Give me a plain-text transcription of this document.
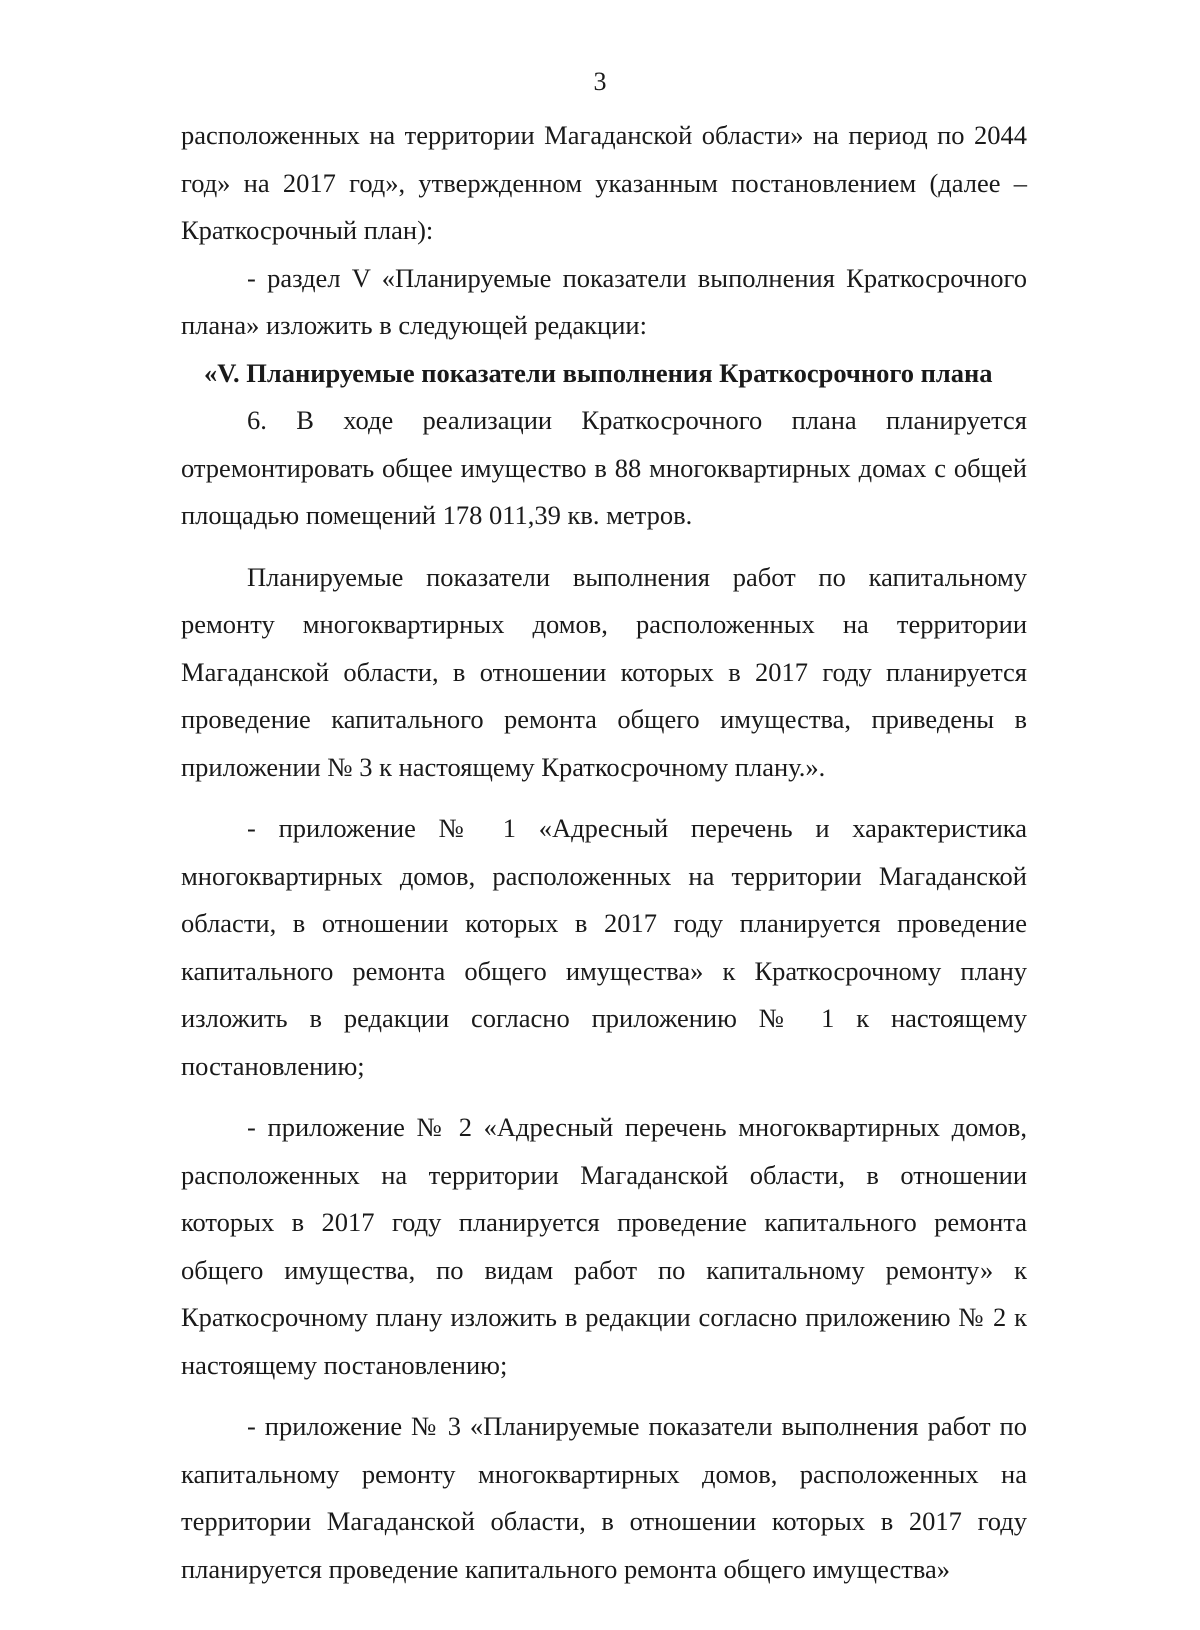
3

расположенных на территории Магаданской области» на период по 2044 год» на 2017 год», утвержденном указанным постановлением (далее – Краткосрочный план):

- раздел V «Планируемые показатели выполнения Краткосрочного плана» изложить в следующей редакции:

«V. Планируемые показатели выполнения Краткосрочного плана

6. В ходе реализации Краткосрочного плана планируется отремонтировать общее имущество в 88 многоквартирных домах с общей площадью помещений 178 011,39 кв. метров.

Планируемые показатели выполнения работ по капитальному ремонту многоквартирных домов, расположенных на территории Магаданской области, в отношении которых в 2017 году планируется проведение капитального ремонта общего имущества, приведены в приложении № 3 к настоящему Краткосрочному плану.».

- приложение № 1 «Адресный перечень и характеристика многоквартирных домов, расположенных на территории Магаданской области, в отношении которых в 2017 году планируется проведение капитального ремонта общего имущества» к Краткосрочному плану изложить в редакции согласно приложению № 1 к настоящему постановлению;

- приложение № 2 «Адресный перечень многоквартирных домов, расположенных на территории Магаданской области, в отношении которых в 2017 году планируется проведение капитального ремонта общего имущества, по видам работ по капитальному ремонту» к Краткосрочному плану изложить в редакции согласно приложению № 2 к настоящему постановлению;

- приложение № 3 «Планируемые показатели выполнения работ по капитальному ремонту многоквартирных домов, расположенных на территории Магаданской области, в отношении которых в 2017 году планируется проведение капитального ремонта общего имущества»
